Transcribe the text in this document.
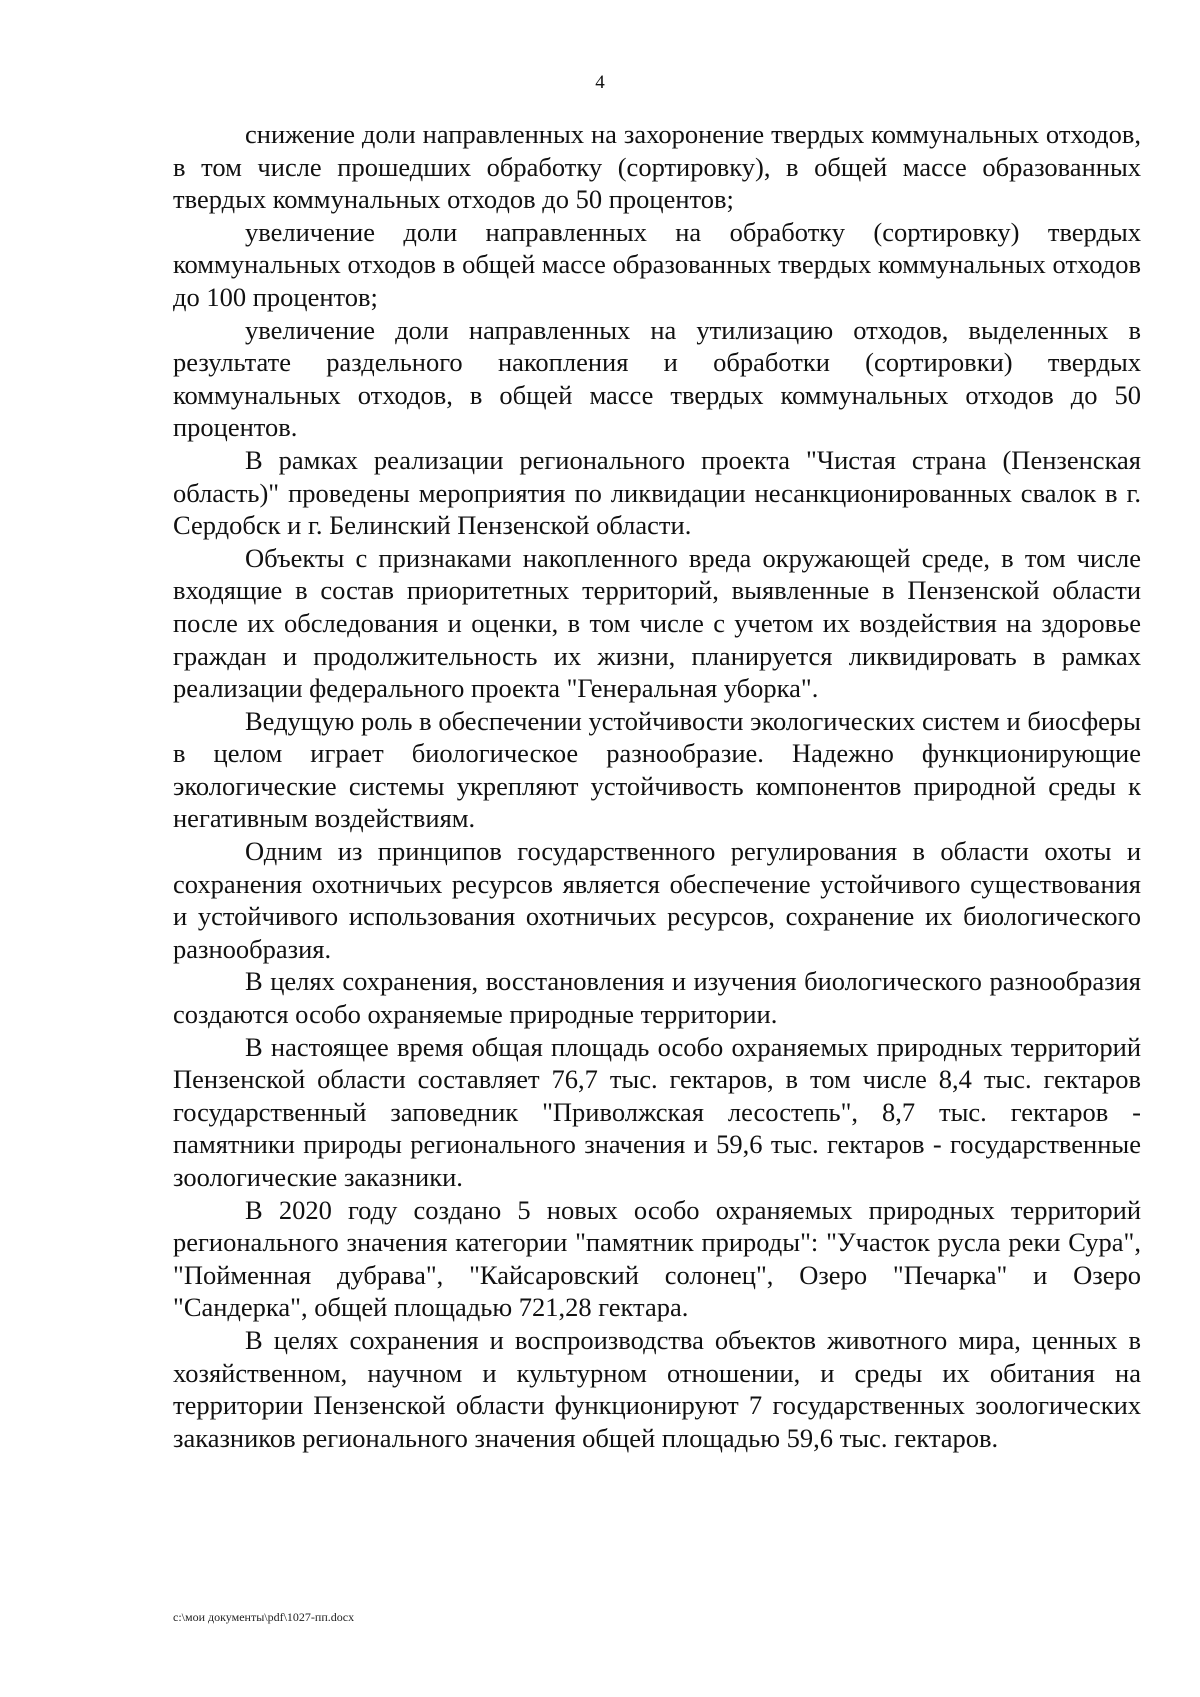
4

снижение доли направленных на захоронение твердых коммунальных отходов, в том числе прошедших обработку (сортировку), в общей массе образованных твердых коммунальных отходов до 50 процентов;

увеличение доли направленных на обработку (сортировку) твердых коммунальных отходов в общей массе образованных твердых коммунальных отходов до 100 процентов;

увеличение доли направленных на утилизацию отходов, выделенных в результате раздельного накопления и обработки (сортировки) твердых коммунальных отходов, в общей массе твердых коммунальных отходов до 50 процентов.

В рамках реализации регионального проекта "Чистая страна (Пензенская область)" проведены мероприятия по ликвидации несанкционированных свалок в г. Сердобск и г. Белинский Пензенской области.

Объекты с признаками накопленного вреда окружающей среде, в том числе входящие в состав приоритетных территорий, выявленные в Пензенской области после их обследования и оценки, в том числе с учетом их воздействия на здоровье граждан и продолжительность их жизни, планируется ликвидировать в рамках реализации федерального проекта "Генеральная уборка".

Ведущую роль в обеспечении устойчивости экологических систем и биосферы в целом играет биологическое разнообразие. Надежно функционирующие экологические системы укрепляют устойчивость компонентов природной среды к негативным воздействиям.

Одним из принципов государственного регулирования в области охоты и сохранения охотничьих ресурсов является обеспечение устойчивого существования и устойчивого использования охотничьих ресурсов, сохранение их биологического разнообразия.

В целях сохранения, восстановления и изучения биологического разнообразия создаются особо охраняемые природные территории.

В настоящее время общая площадь особо охраняемых природных территорий Пензенской области составляет 76,7 тыс. гектаров, в том числе 8,4 тыс. гектаров государственный заповедник "Приволжская лесостепь", 8,7 тыс. гектаров - памятники природы регионального значения и 59,6 тыс. гектаров - государственные зоологические заказники.

В 2020 году создано 5 новых особо охраняемых природных территорий регионального значения категории "памятник природы": "Участок русла реки Сура", "Пойменная дубрава", "Кайсаровский солонец", Озеро "Печарка" и Озеро "Сандерка", общей площадью 721,28 гектара.

В целях сохранения и воспроизводства объектов животного мира, ценных в хозяйственном, научном и культурном отношении, и среды их обитания на территории Пензенской области функционируют 7 государственных зоологических заказников регионального значения общей площадью 59,6 тыс. гектаров.

c:\мои документы\pdf\1027-пп.docx
